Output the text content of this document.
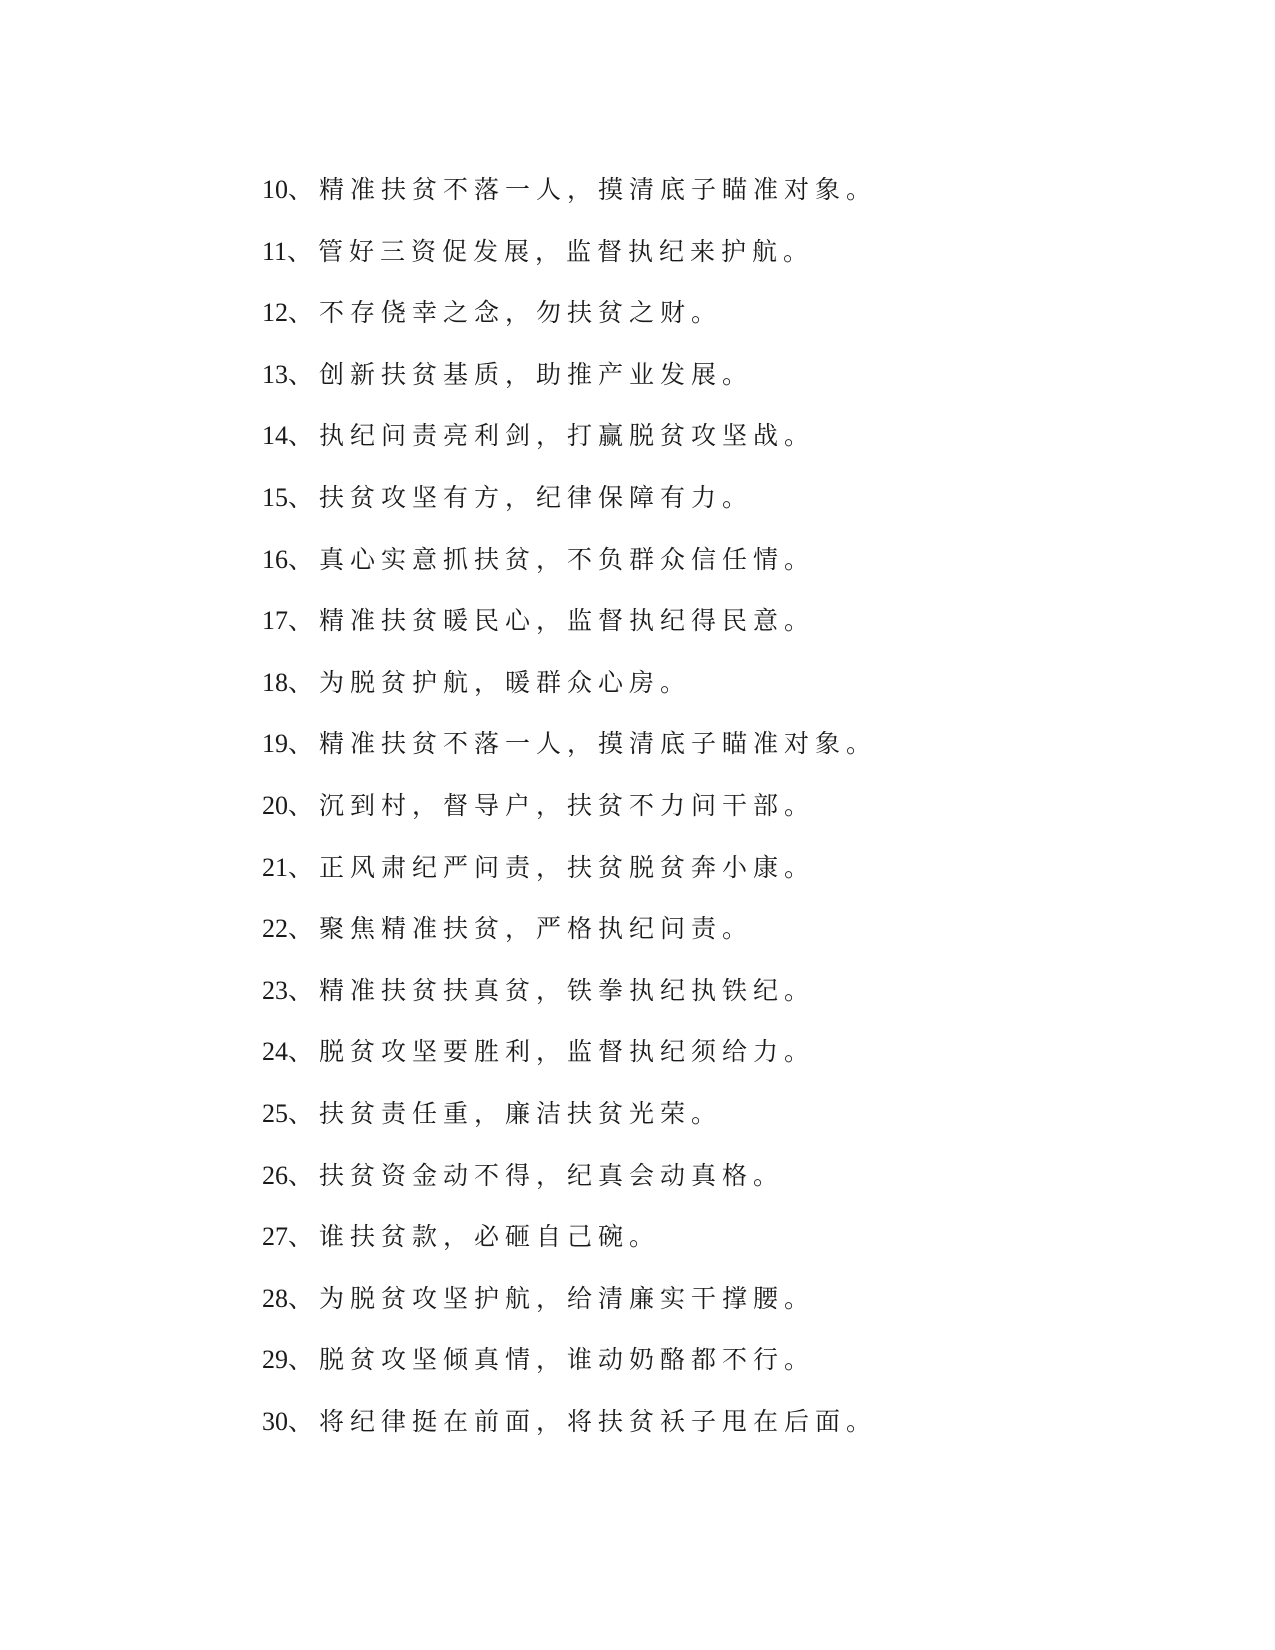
10、精准扶贫不落一人，摸清底子瞄准对象。
11、管好三资促发展，监督执纪来护航。
12、不存侥幸之念，勿扶贫之财。
13、创新扶贫基质，助推产业发展。
14、执纪问责亮利剑，打赢脱贫攻坚战。
15、扶贫攻坚有方，纪律保障有力。
16、真心实意抓扶贫，不负群众信任情。
17、精准扶贫暖民心，监督执纪得民意。
18、为脱贫护航，暖群众心房。
19、精准扶贫不落一人，摸清底子瞄准对象。
20、沉到村，督导户，扶贫不力问干部。
21、正风肃纪严问责，扶贫脱贫奔小康。
22、聚焦精准扶贫，严格执纪问责。
23、精准扶贫扶真贫，铁拳执纪执铁纪。
24、脱贫攻坚要胜利，监督执纪须给力。
25、扶贫责任重，廉洁扶贫光荣。
26、扶贫资金动不得，纪真会动真格。
27、谁扶贫款，必砸自己碗。
28、为脱贫攻坚护航，给清廉实干撑腰。
29、脱贫攻坚倾真情，谁动奶酪都不行。
30、将纪律挺在前面，将扶贫袄子甩在后面。
